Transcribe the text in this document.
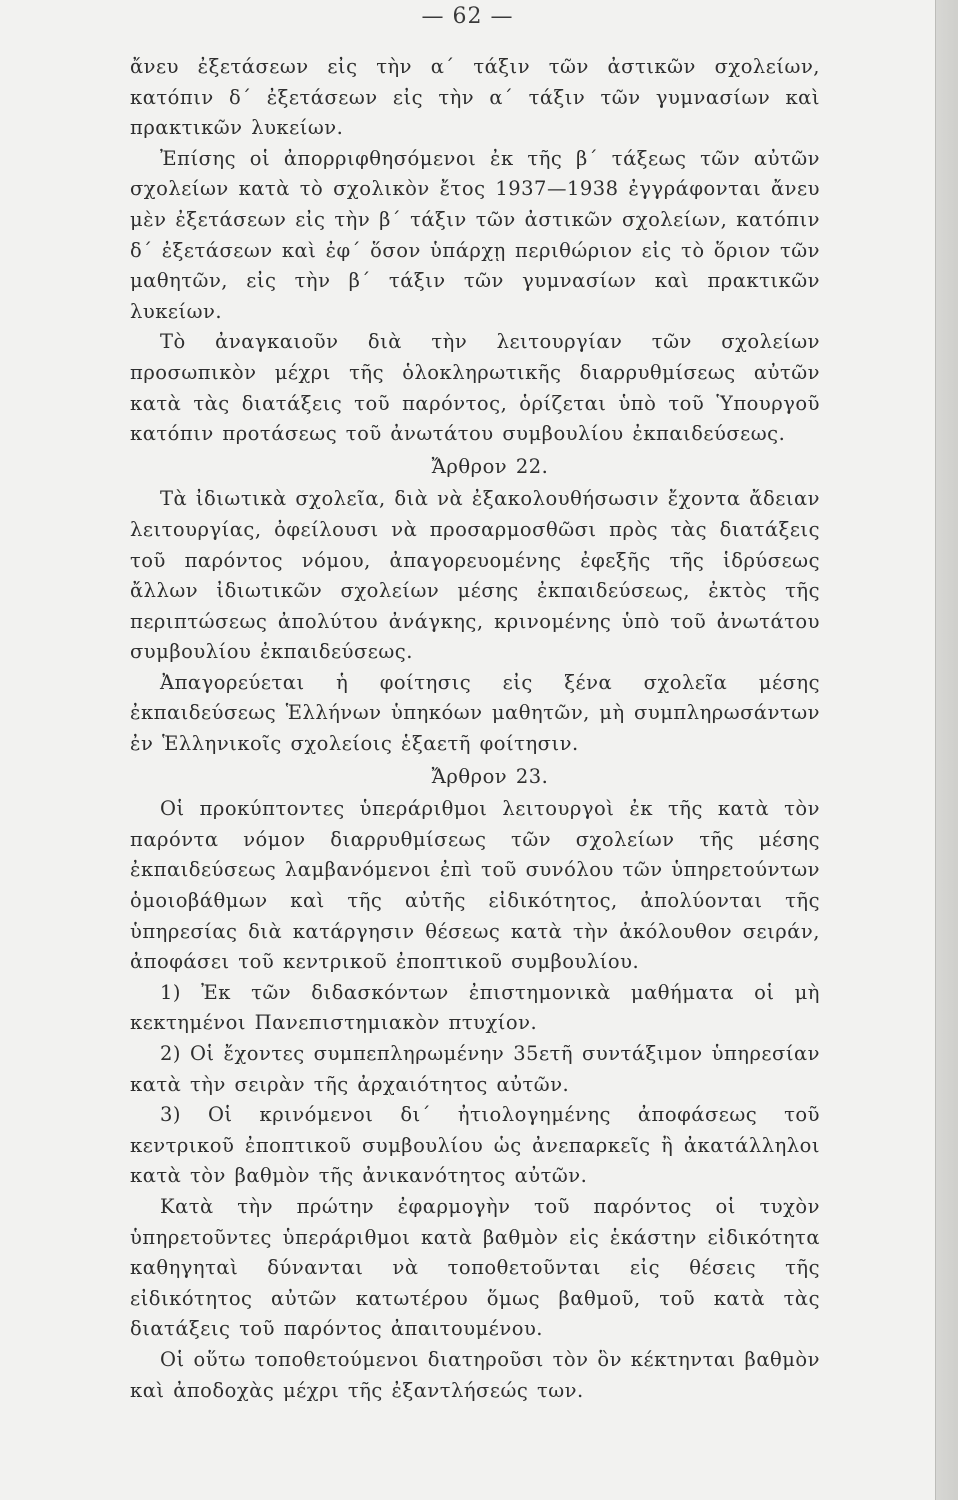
— 62 —

ἄνευ ἐξετάσεων εἰς τὴν α΄ τάξιν τῶν ἀστικῶν σχολείων, κατόπιν δ΄ ἐξετάσεων εἰς τὴν α΄ τάξιν τῶν γυμνασίων καὶ πρακτικῶν λυκείων.

Ἐπίσης οἱ ἀπορριφθησόμενοι ἐκ τῆς β΄ τάξεως τῶν αὐτῶν σχολείων κατὰ τὸ σχολικὸν ἔτος 1937—1938 ἐγγράφονται ἄνευ μὲν ἐξετάσεων εἰς τὴν β΄ τάξιν τῶν ἀστικῶν σχολείων, κατόπιν δ΄ ἐξετάσεων καὶ ἐφ΄ ὅσον ὑπάρχῃ περιθώριον εἰς τὸ ὅριον τῶν μαθητῶν, εἰς τὴν β΄ τάξιν τῶν γυμνασίων καὶ πρακτικῶν λυκείων.

Τὸ ἀναγκαιοῦν διὰ τὴν λειτουργίαν τῶν σχολείων προσωπικὸν μέχρι τῆς ὁλοκληρωτικῆς διαρρυθμίσεως αὐτῶν κατὰ τὰς διατάξεις τοῦ παρόντος, ὁρίζεται ὑπὸ τοῦ Ὑπουργοῦ κατόπιν προτάσεως τοῦ ἀνωτάτου συμβουλίου ἐκπαιδεύσεως.

Ἄρθρον 22.

Τὰ ἰδιωτικὰ σχολεῖα, διὰ νὰ ἐξακολουθήσωσιν ἔχοντα ἄδειαν λειτουργίας, ὀφείλουσι νὰ προσαρμοσθῶσι πρὸς τὰς διατάξεις τοῦ παρόντος νόμου, ἀπαγορευομένης ἐφεξῆς τῆς ἱδρύσεως ἄλλων ἰδιωτικῶν σχολείων μέσης ἐκπαιδεύσεως, ἐκτὸς τῆς περιπτώσεως ἀπολύτου ἀνάγκης, κρινομένης ὑπὸ τοῦ ἀνωτάτου συμβουλίου ἐκπαιδεύσεως.

Ἀπαγορεύεται ἡ φοίτησις εἰς ξένα σχολεῖα μέσης ἐκπαιδεύσεως Ἑλλήνων ὑπηκόων μαθητῶν, μὴ συμπληρωσάντων ἐν Ἑλληνικοῖς σχολείοις ἑξαετῆ φοίτησιν.

Ἄρθρον 23.

Οἱ προκύπτοντες ὑπεράριθμοι λειτουργοὶ ἐκ τῆς κατὰ τὸν παρόντα νόμον διαρρυθμίσεως τῶν σχολείων τῆς μέσης ἐκπαιδεύσεως λαμβανόμενοι ἐπὶ τοῦ συνόλου τῶν ὑπηρετούντων ὁμοιοβάθμων καὶ τῆς αὐτῆς εἰδικότητος, ἀπολύονται τῆς ὑπηρεσίας διὰ κατάργησιν θέσεως κατὰ τὴν ἀκόλουθον σειράν, ἀποφάσει τοῦ κεντρικοῦ ἐποπτικοῦ συμβουλίου.

1) Ἐκ τῶν διδασκόντων ἐπιστημονικὰ μαθήματα οἱ μὴ κεκτημένοι Πανεπιστημιακὸν πτυχίον.

2) Οἱ ἔχοντες συμπεπληρωμένην 35ετῆ συντάξιμον ὑπηρεσίαν κατὰ τὴν σειρὰν τῆς ἀρχαιότητος αὐτῶν.

3) Οἱ κρινόμενοι δι΄ ἠτιολογημένης ἀποφάσεως τοῦ κεντρικοῦ ἐποπτικοῦ συμβουλίου ὡς ἀνεπαρκεῖς ἢ ἀκατάλληλοι κατὰ τὸν βαθμὸν τῆς ἀνικανότητος αὐτῶν.

Κατὰ τὴν πρώτην ἐφαρμογὴν τοῦ παρόντος οἱ τυχὸν ὑπηρετοῦντες ὑπεράριθμοι κατὰ βαθμὸν εἰς ἑκάστην εἰδικότητα καθηγηταὶ δύνανται νὰ τοποθετοῦνται εἰς θέσεις τῆς εἰδικότητος αὐτῶν κατωτέρου ὅμως βαθμοῦ, τοῦ κατὰ τὰς διατάξεις τοῦ παρόντος ἀπαιτουμένου.

Οἱ οὕτω τοποθετούμενοι διατηροῦσι τὸν ὃν κέκτηνται βαθμὸν καὶ ἀποδοχὰς μέχρι τῆς ἐξαντλήσεώς των.
